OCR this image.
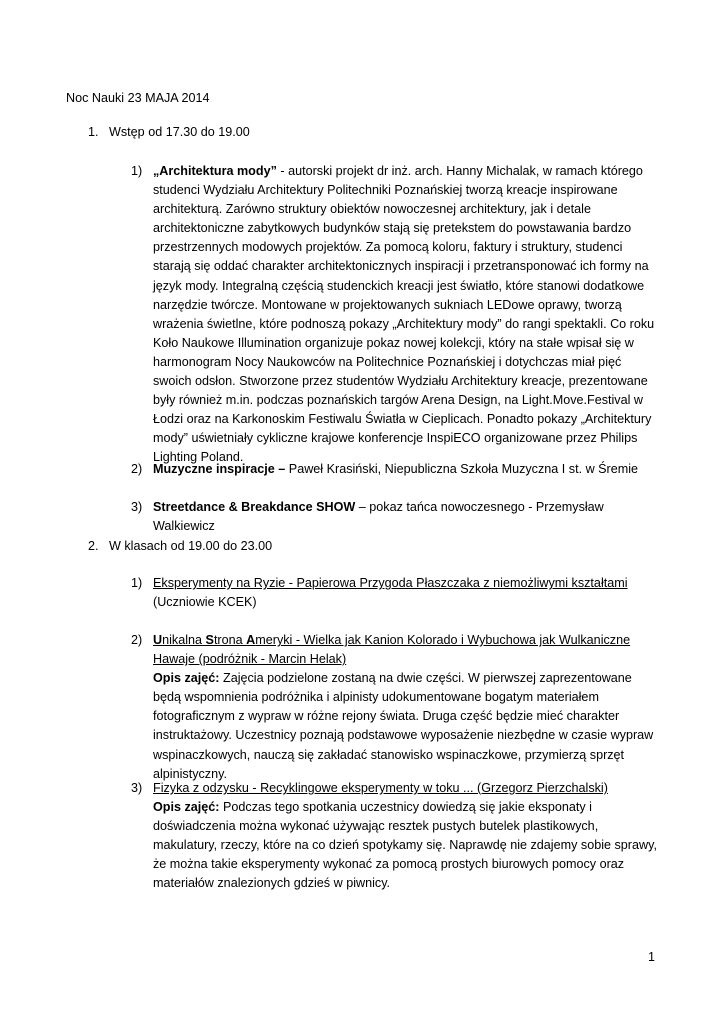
Noc Nauki 23 MAJA 2014
1. Wstęp od 17.30 do 19.00
1) „Architektura mody” - autorski projekt dr inż. arch. Hanny Michalak, w ramach którego studenci Wydziału Architektury Politechniki Poznańskiej tworzą kreacje inspirowane architekturą. Zarówno struktury obiektów nowoczesnej architektury, jak i detale architektoniczne zabytkowych budynków stają się pretekstem do powstawania bardzo przestrzennych modowych projektów. Za pomocą koloru, faktury i struktury, studenci starają się oddać charakter architektonicznych inspiracji i przetransponować ich formy na język mody. Integralną częścią studenckich kreacji jest światło, które stanowi dodatkowe narzędzie twórcze. Montowane w projektowanych sukniach LEDowe oprawy, tworzą wrażenia świetlne, które podnoszą pokazy „Architektury mody” do rangi spektakli. Co roku Koło Naukowe Illumination organizuje pokaz nowej kolekcji, który na stałe wpisał się w harmonogram Nocy Naukowców na Politechnice Poznańskiej i dotychczas miał pięć swoich odsłon. Stworzone przez studentów Wydziału Architektury kreacje, prezentowane były również m.in. podczas poznańskich targów Arena Design, na Light.Move.Festival w Łodzi oraz na Karkonoskim Festiwalu Światła w Cieplicach. Ponadto pokazy „Architektury mody” uświetniały cykliczne krajowe konferencje InspiECO organizowane przez Philips Lighting Poland.
2) Muzyczne inspiracje – Paweł Krasiński, Niepubliczna Szkoła Muzyczna I st. w Śremie
3) Streetdance & Breakdance SHOW – pokaz tańca nowoczesnego - Przemysław Walkiewicz
2. W klasach od 19.00 do 23.00
1) Eksperymenty na Ryzie - Papierowa Przygoda Płaszczaka z niemożliwymi kształtami
(Uczniowie KCEK)
2) Unikalna Strona Ameryki - Wielka jak Kanion Kolorado i Wybuchowa jak Wulkaniczne Hawaje (podróżnik - Marcin Helak)
Opis zajęć: Zajęcia podzielone zostaną na dwie części. W pierwszej zaprezentowane będą wspomnienia podróżnika i alpinisty udokumentowane bogatym materiałem fotograficznym z wypraw w różne rejony świata. Druga część będzie mieć charakter instruktażowy. Uczestnicy poznają podstawowe wyposażenie niezbędne w czasie wypraw wspinaczkowych, nauczą się zakładać stanowisko wspinaczkowe, przymierzą sprzęt alpinistyczny.
3) Fizyka z odzysku - Recyklingowe eksperymenty w toku ... (Grzegorz Pierzchalski)
Opis zajęć: Podczas tego spotkania uczestnicy dowiedzą się jakie eksponaty i doświadczenia można wykonać używając resztek pustych butelek plastikowych, makulatury, rzeczy, które na co dzień spotykamy się. Naprawdę nie zdajemy sobie sprawy, że można takie eksperymenty wykonać za pomocą prostych biurowych pomocy oraz materiałów znalezionych gdzieś w piwnicy.
1
